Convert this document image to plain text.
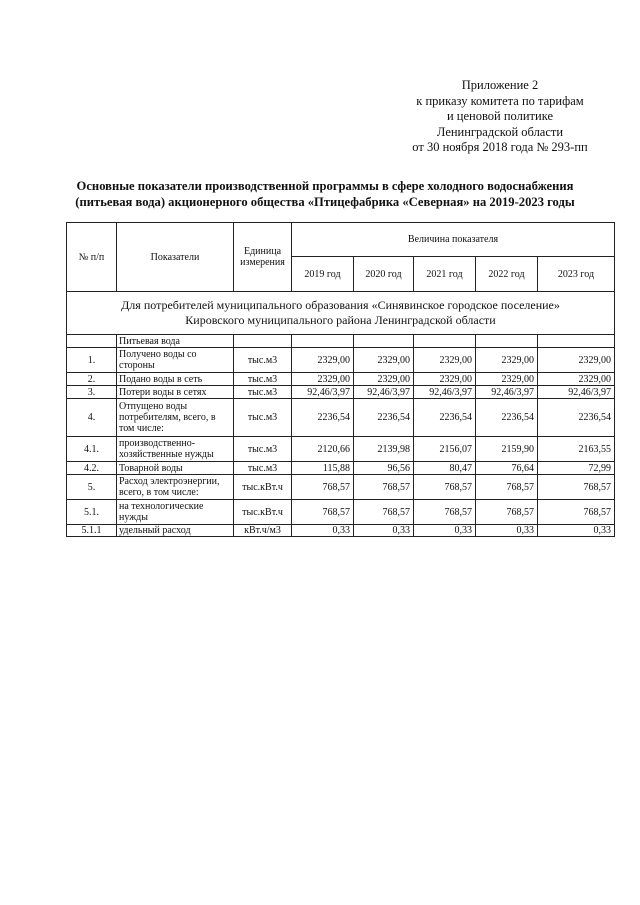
Приложение 2
к приказу комитета по тарифам
и ценовой политике
Ленинградской области
от 30 ноября 2018 года № 293-пп
Основные показатели производственной программы в сфере холодного водоснабжения
(питьевая вода) акционерного общества «Птицефабрика «Северная» на 2019-2023 годы
№ п/п	Показатели	Единица измерения	Величина показателя				
			2019 год	2020 год	2021 год	2022 год	2023 год

Для потребителей муниципального образования «Синявинское городское поселение»
Кировского муниципального района Ленинградской области							

	Питьевая вода						
1.	Получено воды со стороны	тыс.м3	2329,00	2329,00	2329,00	2329,00	2329,00
2.	Подано воды в сеть	тыс.м3	2329,00	2329,00	2329,00	2329,00	2329,00
3.	Потери воды в сетях	тыс.м3	92,46/3,97	92,46/3,97	92,46/3,97	92,46/3,97	92,46/3,97
4.	Отпущено воды потребителям, всего, в том числе:	тыс.м3	2236,54	2236,54	2236,54	2236,54	2236,54
4.1.	производственно-хозяйственные нужды	тыс.м3	2120,66	2139,98	2156,07	2159,90	2163,55
4.2.	Товарной воды	тыс.м3	115,88	96,56	80,47	76,64	72,99
5.	Расход электроэнергии, всего, в том числе:	тыс.кВт.ч	768,57	768,57	768,57	768,57	768,57
5.1.	на технологические нужды	тыс.кВт.ч	768,57	768,57	768,57	768,57	768,57
5.1.1	удельный расход	кВт.ч/м3	0,33	0,33	0,33	0,33	0,33
